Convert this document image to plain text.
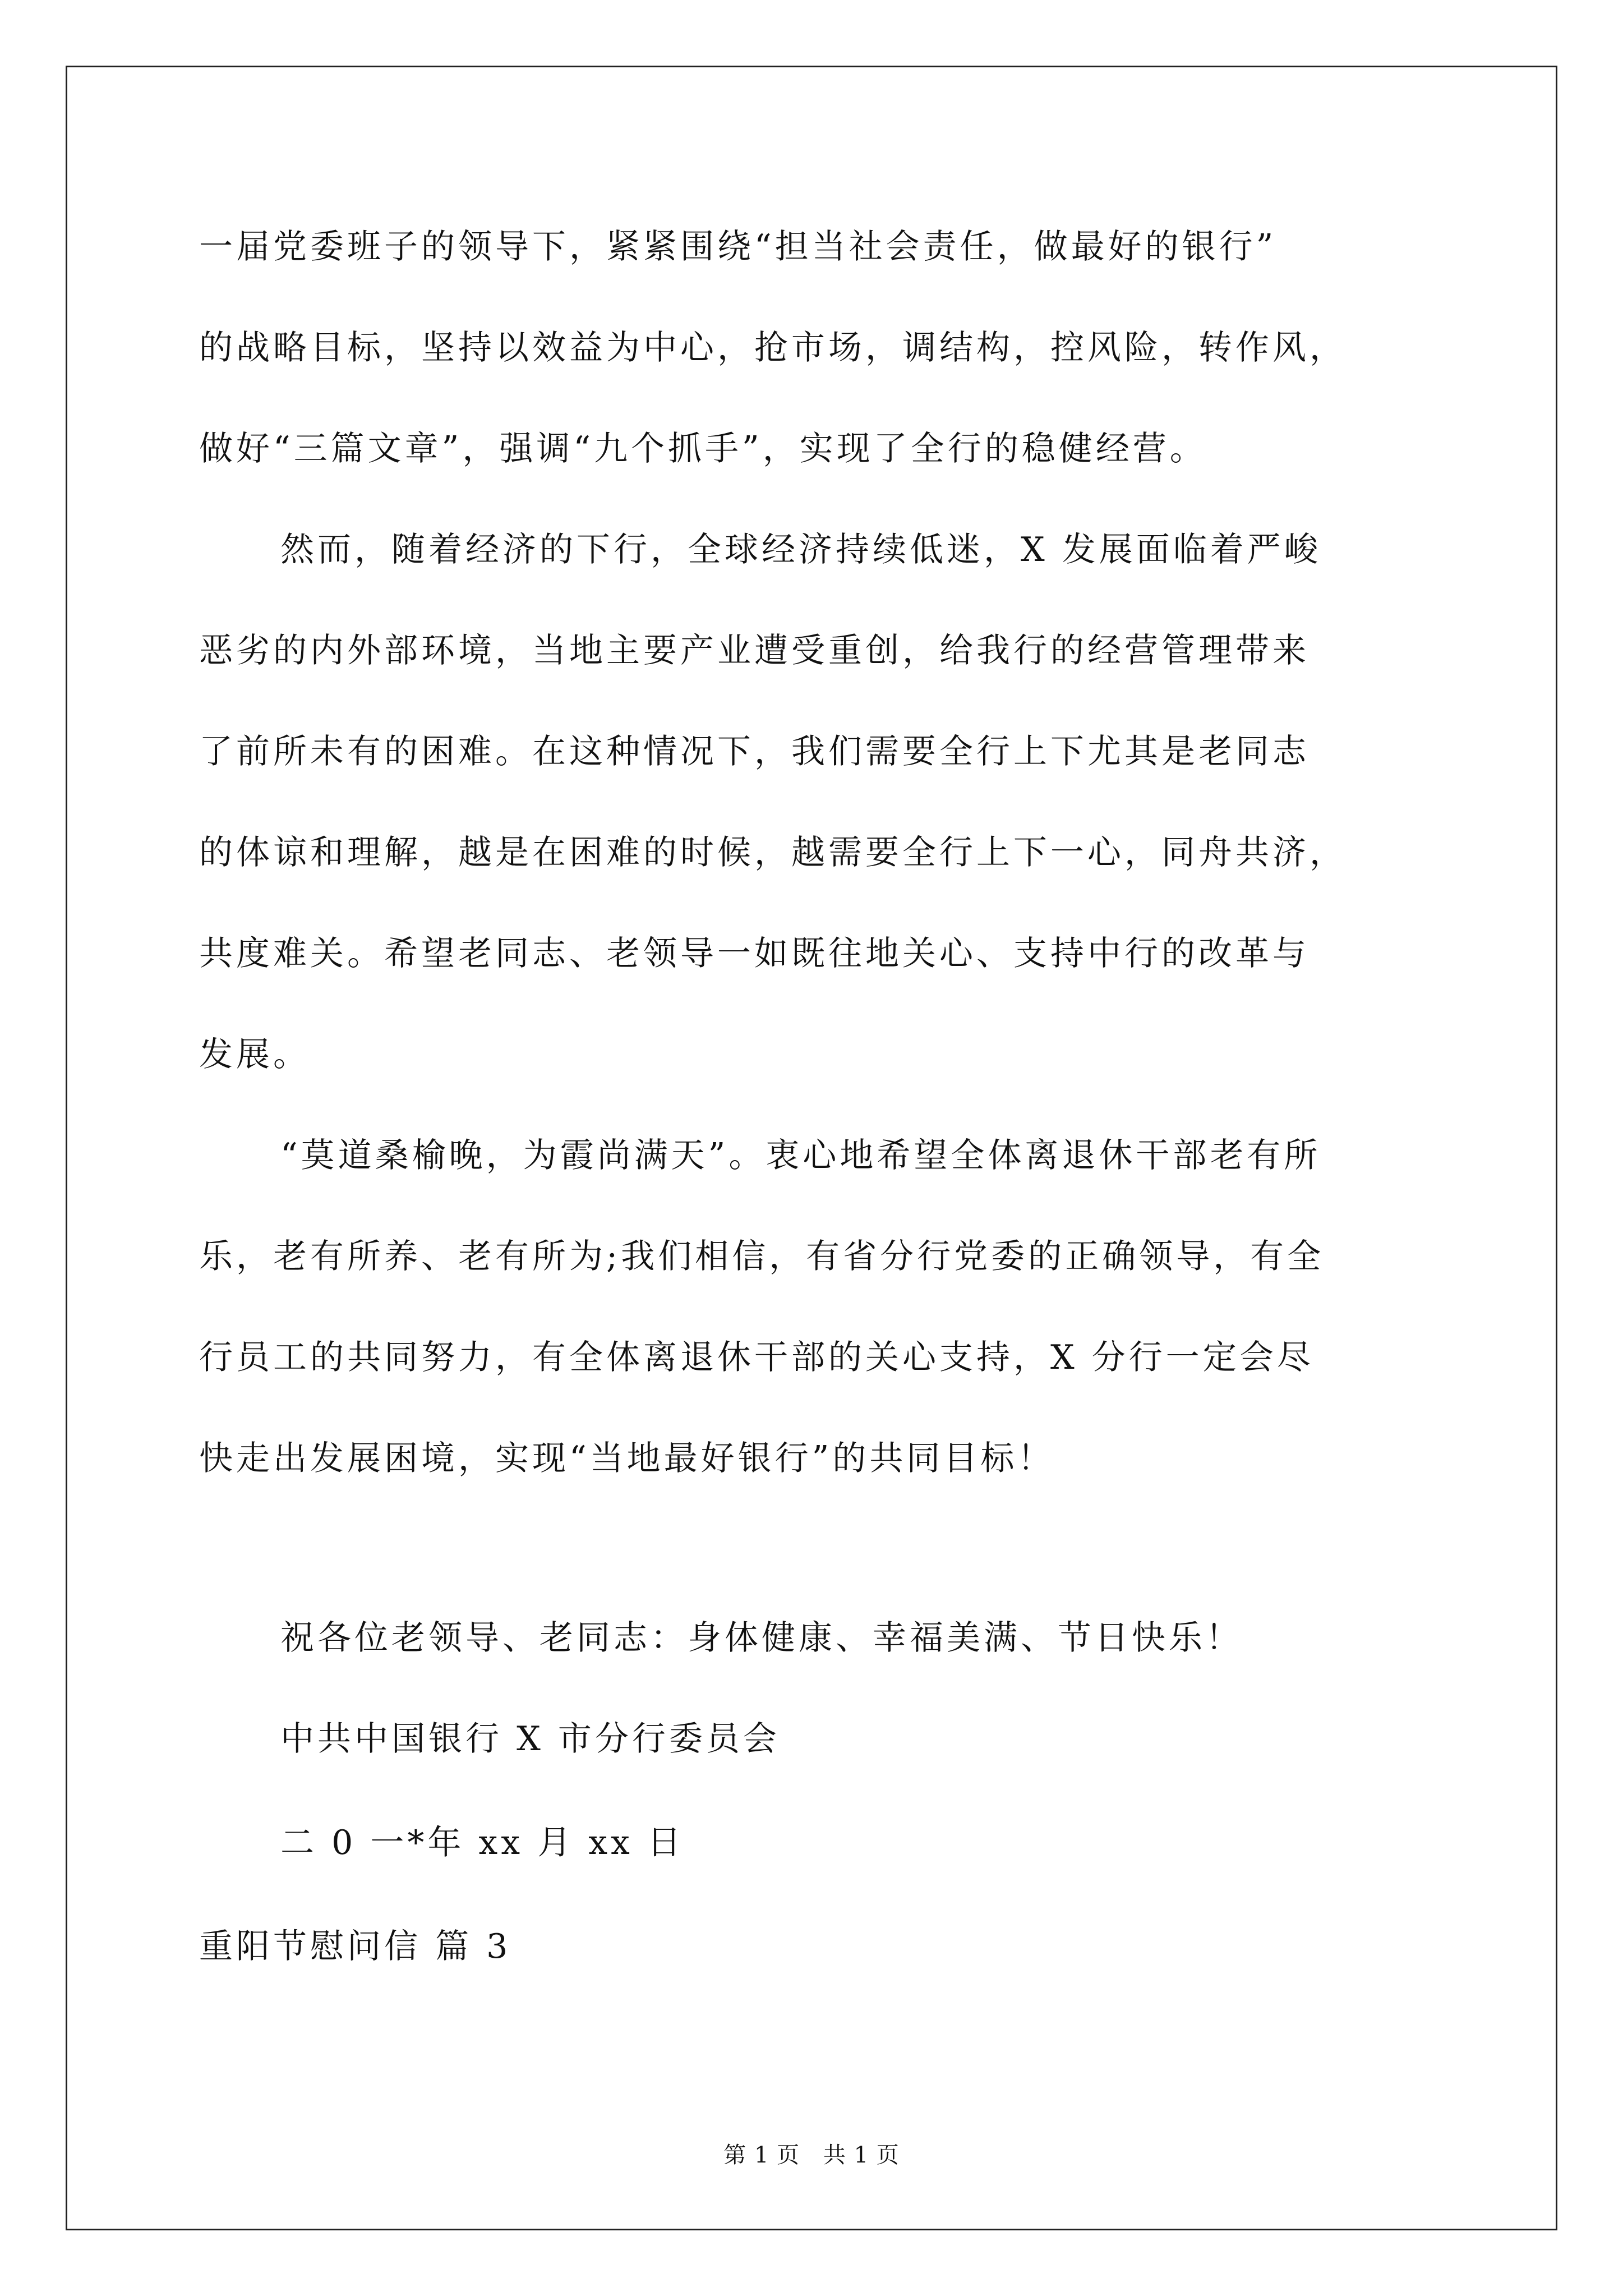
一届党委班子的领导下，紧紧围绕“担当社会责任，做最好的银行”
的战略目标，坚持以效益为中心，抢市场，调结构，控风险，转作风，
做好“三篇文章”，强调“九个抓手”，实现了全行的稳健经营。
然而，随着经济的下行，全球经济持续低迷，X 发展面临着严峻
恶劣的内外部环境，当地主要产业遭受重创，给我行的经营管理带来
了前所未有的困难。在这种情况下，我们需要全行上下尤其是老同志
的体谅和理解，越是在困难的时候，越需要全行上下一心，同舟共济，
共度难关。希望老同志、老领导一如既往地关心、支持中行的改革与
发展。
“莫道桑榆晚，为霞尚满天”。衷心地希望全体离退休干部老有所
乐，老有所养、老有所为;我们相信，有省分行党委的正确领导，有全
行员工的共同努力，有全体离退休干部的关心支持，X 分行一定会尽
快走出发展困境，实现“当地最好银行”的共同目标！
祝各位老领导、老同志：身体健康、幸福美满、节日快乐！
中共中国银行 X 市分行委员会
二 0 一*年 xx 月 xx 日
重阳节慰问信 篇 3
第 1 页 共 1 页
